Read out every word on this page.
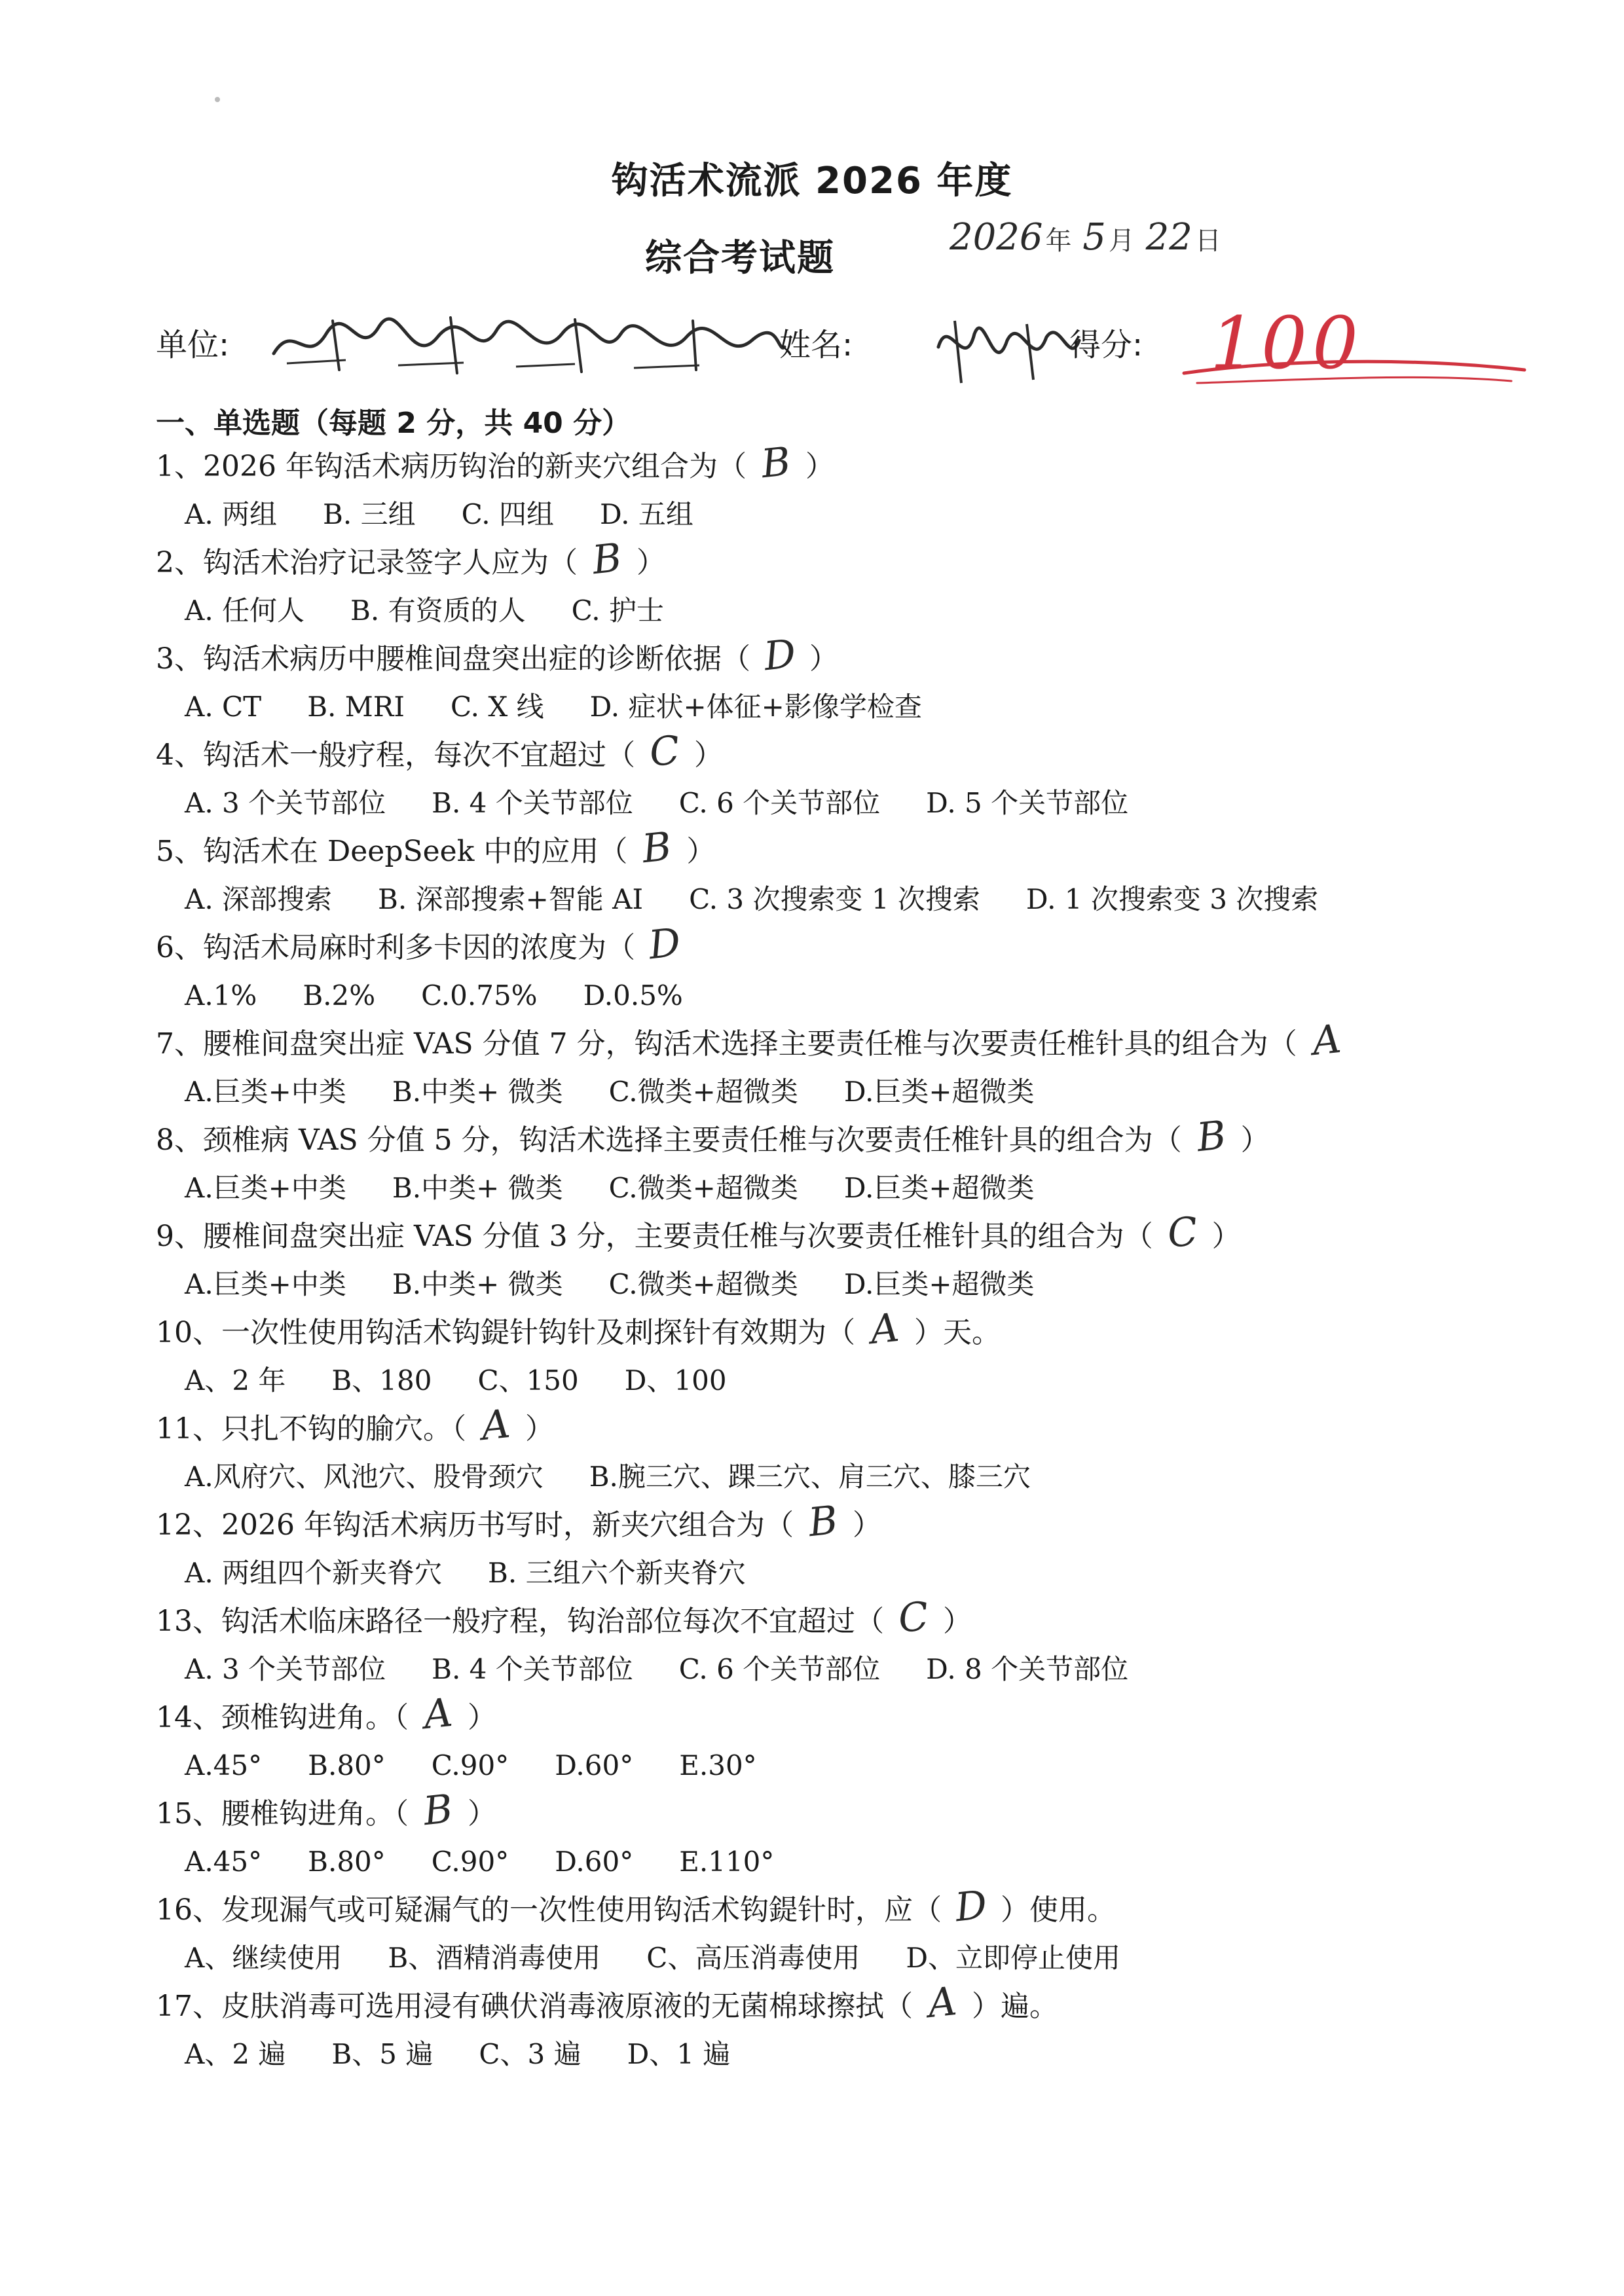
钩活术流派 2026 年度
综合考试题	2026 年 5 月 22 日
单位:	姓名:	得分: 100
一、单选题（每题 2 分，共 40 分）
1、2026 年钩活术病历钩治的新夹穴组合为（ B ）
A. 两组 B. 三组 C. 四组 D. 五组
2、钩活术治疗记录签字人应为（ B ）
A. 任何人 B. 有资质的人 C. 护士
3、钩活术病历中腰椎间盘突出症的诊断依据（ D ）
A. CT B. MRI C. X 线 D. 症状+体征+影像学检查
4、钩活术一般疗程，每次不宜超过（ C ）
A. 3 个关节部位 B. 4 个关节部位 C. 6 个关节部位 D. 5 个关节部位
5、钩活术在 DeepSeek 中的应用（ B ）
A. 深部搜索 B. 深部搜索+智能 AI C. 3 次搜索变 1 次搜索 D. 1 次搜索变 3 次搜索
6、钩活术局麻时利多卡因的浓度为（ D
A.1% B.2% C.0.75% D.0.5%
7、腰椎间盘突出症 VAS 分值 7 分，钩活术选择主要责任椎与次要责任椎针具的组合为（ A
A.巨类+中类 B.中类+ 微类 C.微类+超微类 D.巨类+超微类
8、颈椎病 VAS 分值 5 分，钩活术选择主要责任椎与次要责任椎针具的组合为（ B ）
A.巨类+中类 B.中类+ 微类 C.微类+超微类 D.巨类+超微类
9、腰椎间盘突出症 VAS 分值 3 分，主要责任椎与次要责任椎针具的组合为（ C ）
A.巨类+中类 B.中类+ 微类 C.微类+超微类 D.巨类+超微类
10、一次性使用钩活术钩鍉针钩针及刺探针有效期为（ A ）天。
A、2 年 B、180 C、150 D、100
11、只扎不钩的腧穴。（ A ）
A.风府穴、风池穴、股骨颈穴 B.腕三穴、踝三穴、肩三穴、膝三穴
12、2026 年钩活术病历书写时，新夹穴组合为（ B ）
A. 两组四个新夹脊穴 B. 三组六个新夹脊穴
13、钩活术临床路径一般疗程，钩治部位每次不宜超过（ C ）
A. 3 个关节部位 B. 4 个关节部位 C. 6 个关节部位 D. 8 个关节部位
14、颈椎钩进角。（ A ）
A.45° B.80° C.90° D.60° E.30°
15、腰椎钩进角。（ B ）
A.45° B.80° C.90° D.60° E.110°
16、发现漏气或可疑漏气的一次性使用钩活术钩鍉针时，应（ D ）使用。
A、继续使用 B、酒精消毒使用 C、高压消毒使用 D、立即停止使用
17、皮肤消毒可选用浸有碘伏消毒液原液的无菌棉球擦拭（ A ）遍。
A、2 遍 B、5 遍 C、3 遍 D、1 遍
